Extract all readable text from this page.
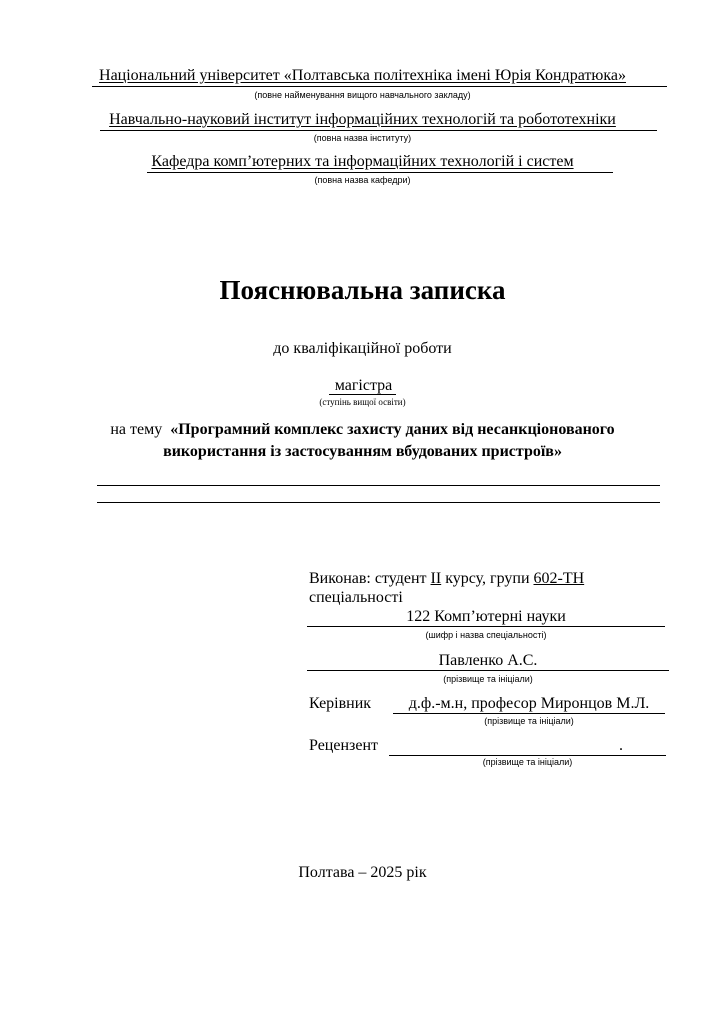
Національний університет «Полтавська політехніка імені Юрія Кондратюка»
(повне найменування вищого навчального закладу)
Навчально-науковий інститут інформаційних технологій та робототехніки
(повна назва інституту)
Кафедра комп’ютерних та інформаційних технологій і систем
(повна назва кафедри)
Пояснювальна записка
до кваліфікаційної роботи
магістра
(ступінь вищої освіти)
на тему «Програмний комплекс захисту даних від несанкціонованого
використання із застосуванням вбудованих пристроїв»
Виконав: студент II курсу, групи 602-ТН
спеціальності
122 Комп’ютерні науки
(шифр і назва спеціальності)
Павленко А.С.
(прізвище та ініціали)
Керівник	д.ф.-м.н, професор Миронцов М.Л.
(прізвище та ініціали)
Рецензент	.
(прізвище та ініціали)
Полтава – 2025 рік
